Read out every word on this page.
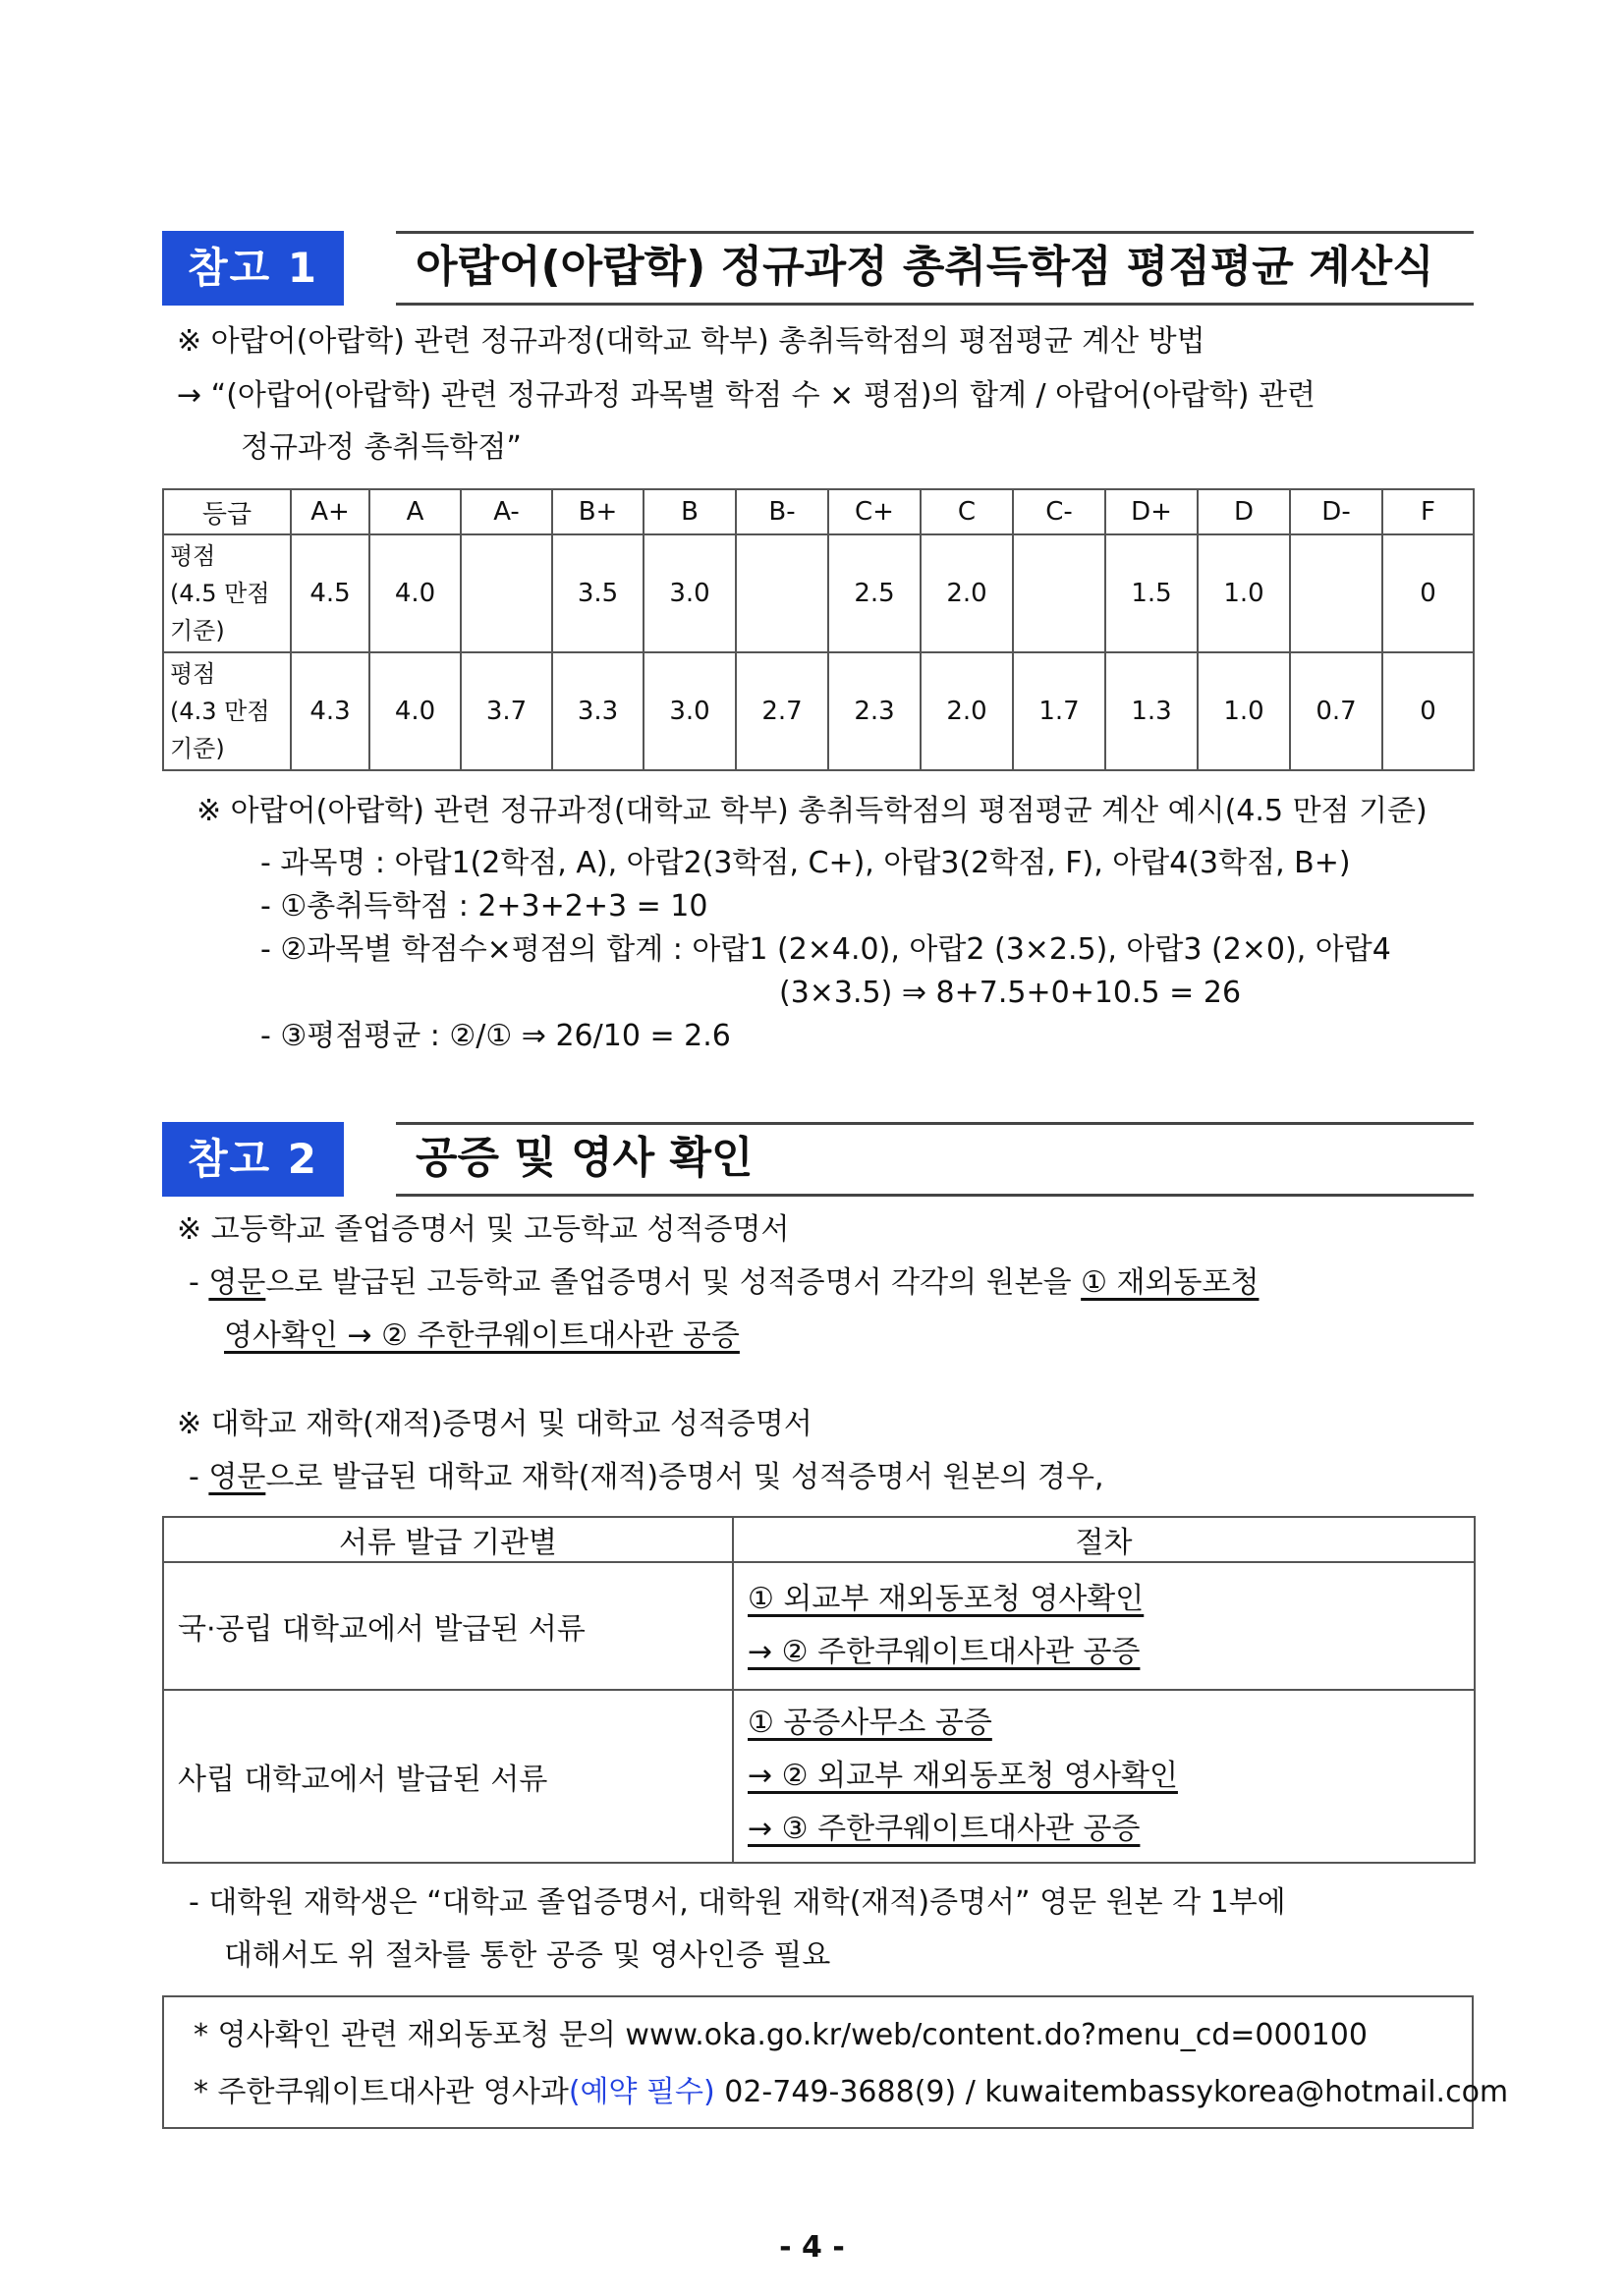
참고 1	아랍어(아랍학) 정규과정 총취득학점 평점평균 계산식
※ 아랍어(아랍학) 관련 정규과정(대학교 학부) 총취득학점의 평점평균 계산 방법
→ “(아랍어(아랍학) 관련 정규과정 과목별 학점 수 × 평점)의 합계 / 아랍어(아랍학) 관련
정규과정 총취득학점”
등급	A+	A	A-	B+	B	B-	C+	C	C-	D+	D	D-	F

평점
(4.5 만점
기준)	4.5	4.0		3.5	3.0		2.5	2.0		1.5	1.0		0

평점
(4.3 만점
기준)	4.3	4.0	3.7	3.3	3.0	2.7	2.3	2.0	1.7	1.3	1.0	0.7	0
※ 아랍어(아랍학) 관련 정규과정(대학교 학부) 총취득학점의 평점평균 계산 예시(4.5 만점 기준)
- 과목명 : 아랍1(2학점, A), 아랍2(3학점, C+), 아랍3(2학점, F), 아랍4(3학점, B+)
- ①총취득학점 : 2+3+2+3 = 10
- ②과목별 학점수×평점의 합계 : 아랍1 (2×4.0), 아랍2 (3×2.5), 아랍3 (2×0), 아랍4
(3×3.5) ⇒ 8+7.5+0+10.5 = 26
- ③평점평균 : ②/① ⇒ 26/10 = 2.6
참고 2	공증 및 영사 확인
※ 고등학교 졸업증명서 및 고등학교 성적증명서
- 영문으로 발급된 고등학교 졸업증명서 및 성적증명서 각각의 원본을 ① 재외동포청
영사확인 → ② 주한쿠웨이트대사관 공증
※ 대학교 재학(재적)증명서 및 대학교 성적증명서
- 영문으로 발급된 대학교 재학(재적)증명서 및 성적증명서 원본의 경우,
서류 발급 기관별	절차
국·공립 대학교에서 발급된 서류	① 외교부 재외동포청 영사확인
→ ② 주한쿠웨이트대사관 공증

사립 대학교에서 발급된 서류	① 공증사무소 공증
→ ② 외교부 재외동포청 영사확인
→ ③ 주한쿠웨이트대사관 공증
- 대학원 재학생은 “대학교 졸업증명서, 대학원 재학(재적)증명서” 영문 원본 각 1부에
대해서도 위 절차를 통한 공증 및 영사인증 필요
* 영사확인 관련 재외동포청 문의 www.oka.go.kr/web/content.do?menu_cd=000100
* 주한쿠웨이트대사관 영사과(예약 필수) 02-749-3688(9) / kuwaitembassykorea@hotmail.com
- 4 -
